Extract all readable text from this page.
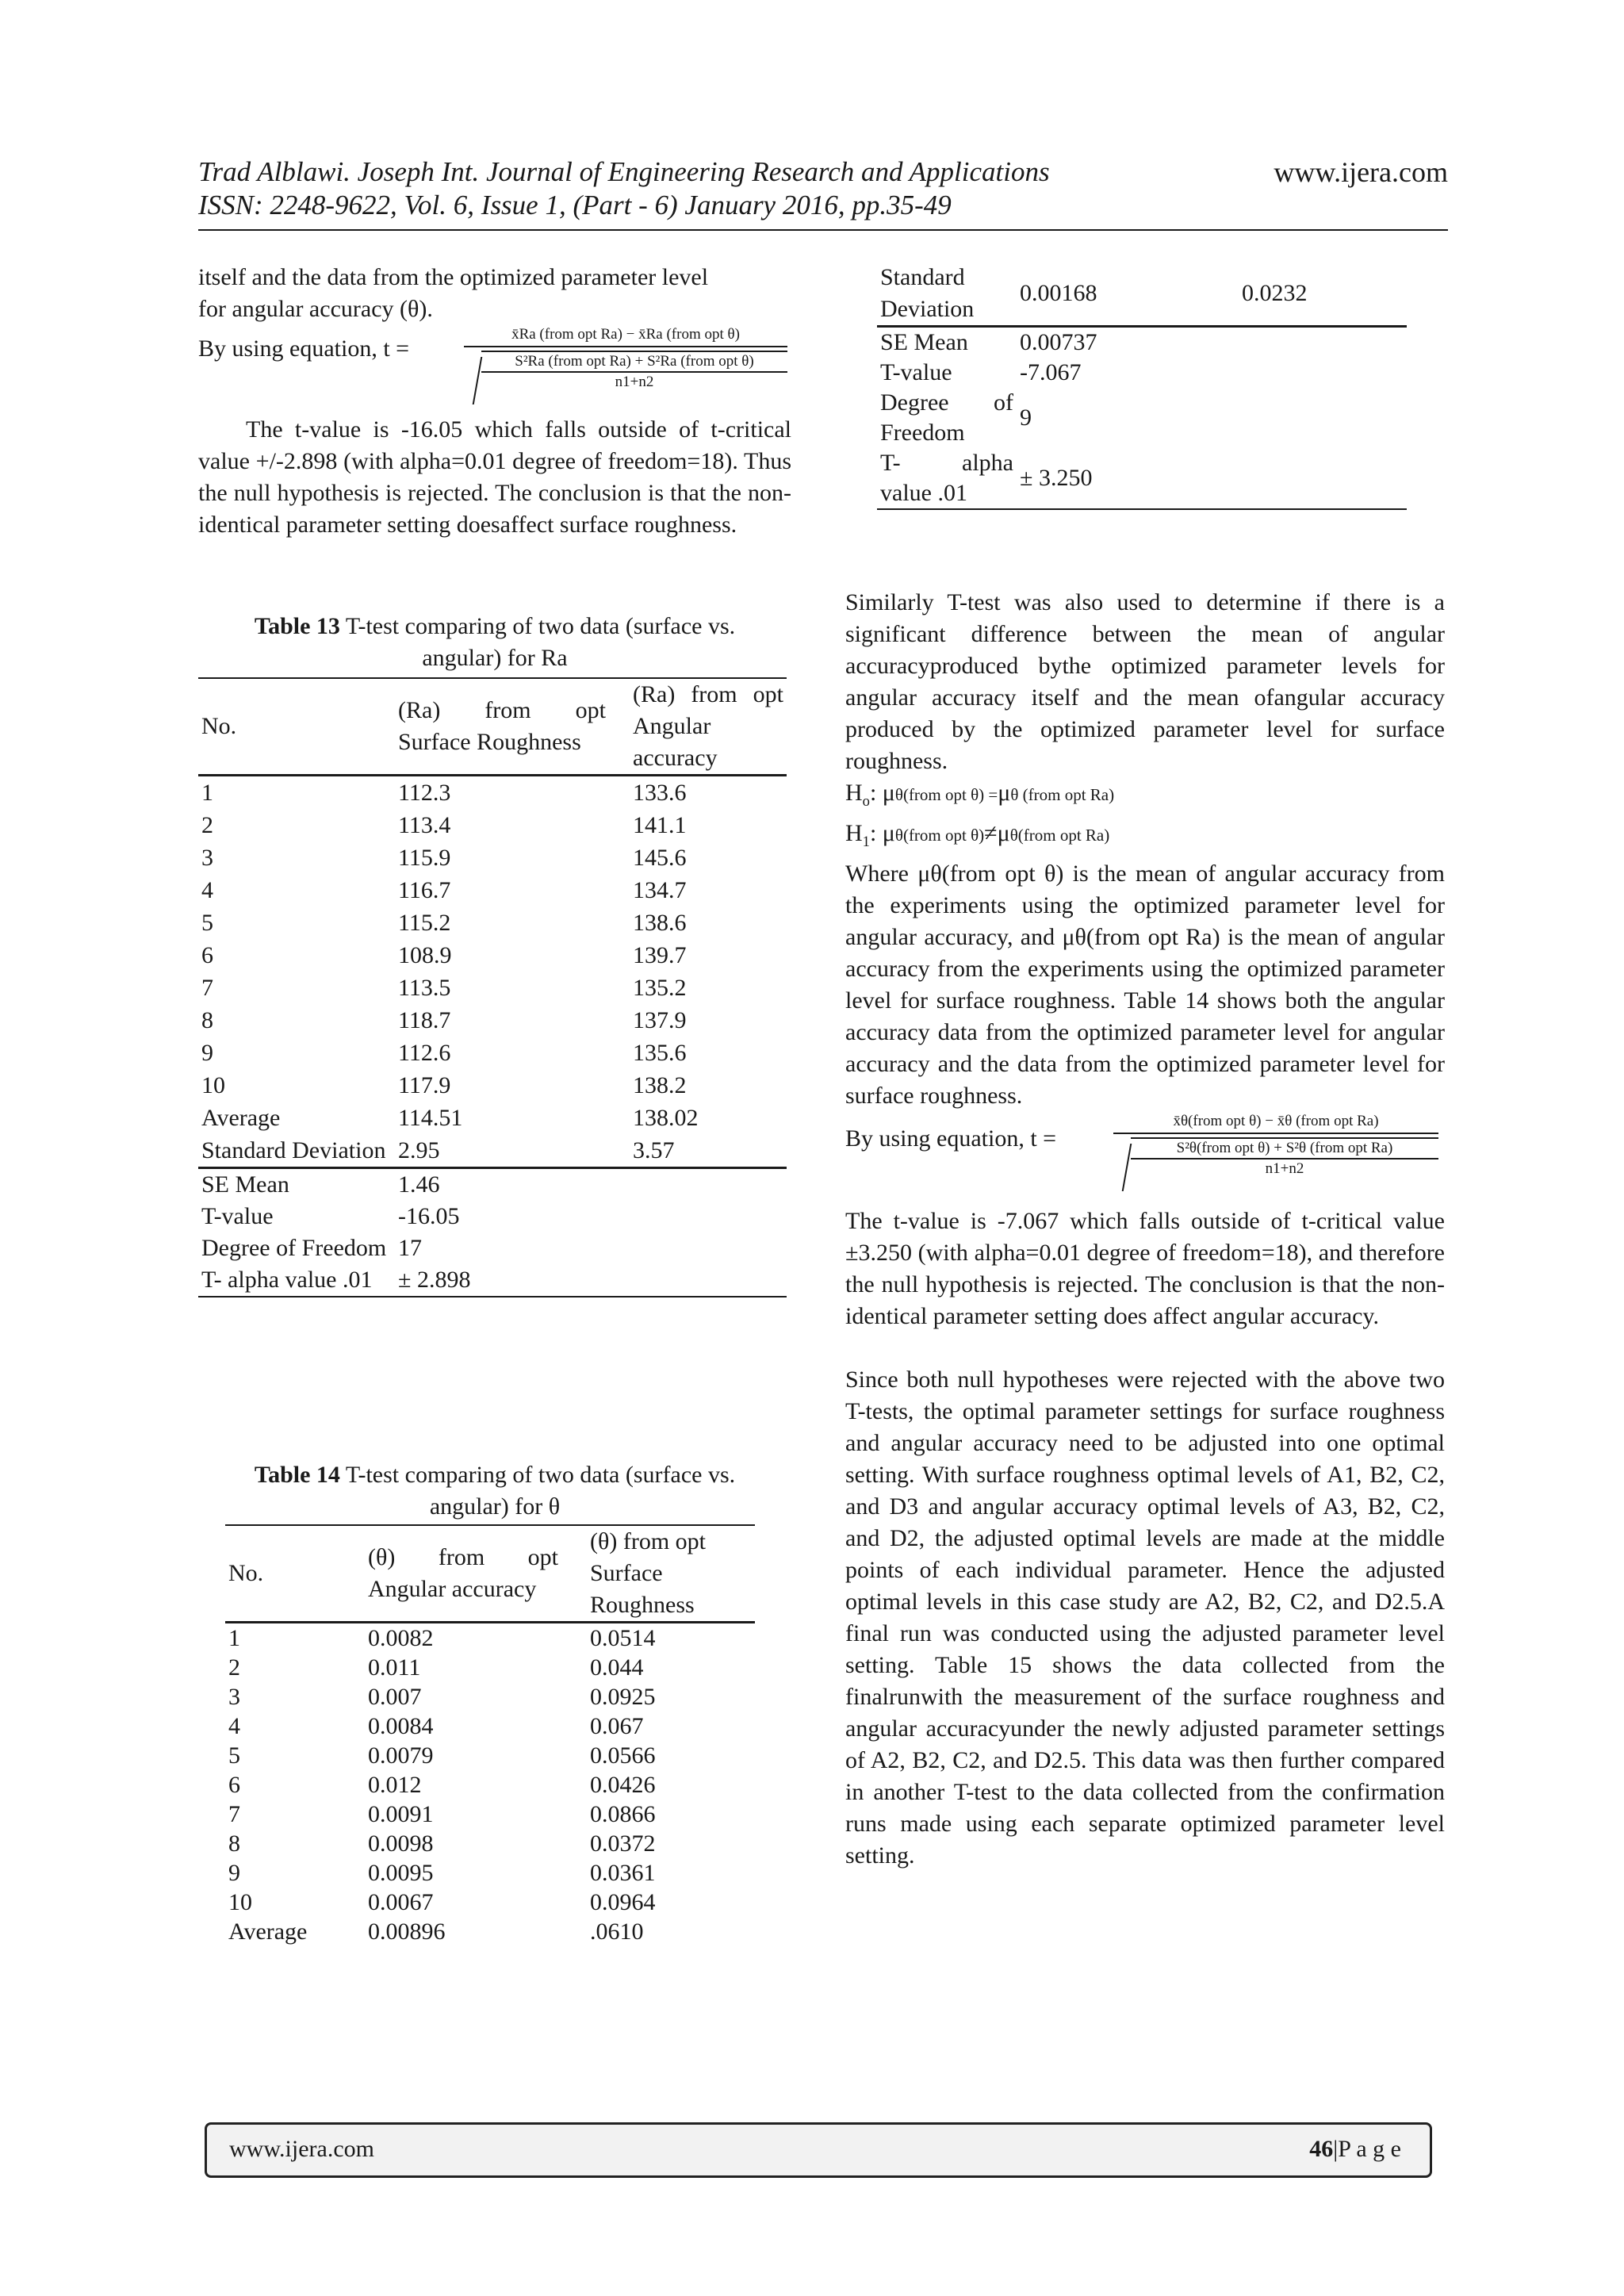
Trad Alblawi. Joseph Int. Journal of Engineering Research and Applications	www.ijera.com
ISSN: 2248-9622, Vol. 6, Issue 1, (Part - 6) January 2016, pp.35-49
itself and the data from the optimized parameter level
for angular accuracy (θ).
By using equation, t =
x̄Ra (from opt Ra) − x̄Ra (from opt θ)
S²Ra (from opt Ra) + S²Ra (from opt θ)
n1+n2
The t-value is -16.05 which falls outside of t-critical value +/-2.898 (with alpha=0.01 degree of freedom=18). Thus the null hypothesis is rejected. The conclusion is that the non-identical parameter setting doesaffect surface roughness.
Table 13 T-test comparing of two data (surface vs. angular) for Ra
No.	(Ra) from opt Surface Roughness	(Ra) from opt Angular accuracy
1	112.3	133.6
2	113.4	141.1
3	115.9	145.6
4	116.7	134.7
5	115.2	138.6
6	108.9	139.7
7	113.5	135.2
8	118.7	137.9
9	112.6	135.6
10	117.9	138.2
Average	114.51	138.02
Standard Deviation	2.95	3.57
SE Mean	1.46	
T-value	-16.05	
Degree of Freedom	17	
T- alpha value .01	± 2.898	
Table 14 T-test comparing of two data (surface vs. angular) for θ
No.	(θ) from opt Angular accuracy	(θ) from opt Surface Roughness
1	0.0082	0.0514
2	0.011	0.044
3	0.007	0.0925
4	0.0084	0.067
5	0.0079	0.0566
6	0.012	0.0426
7	0.0091	0.0866
8	0.0098	0.0372
9	0.0095	0.0361
10	0.0067	0.0964
Average	0.00896	.0610
Standard Deviation	0.00168	0.0232
SE Mean	0.00737	
T-value	-7.067	
Degree of Freedom	9	
T- alpha value .01	± 3.250	
Similarly T-test was also used to determine if there is a significant difference between the mean of angular accuracyproduced bythe optimized parameter levels for angular accuracy itself and the mean ofangular accuracy produced by the optimized parameter level for surface roughness.
$H_o$: μθ(from opt θ) =μθ (from opt Ra)
$H_1$: μθ(from opt θ)≠μθ(from opt Ra)
Where μθ(from opt θ) is the mean of angular accuracy from the experiments using the optimized parameter level for angular accuracy, and μθ(from opt Ra) is the mean of angular accuracy from the experiments using the optimized parameter level for surface roughness. Table 14 shows both the angular accuracy data from the optimized parameter level for angular accuracy and the data from the optimized parameter level for surface roughness.
By using equation, t =
x̄θ(from opt θ) − x̄θ (from opt Ra)
S²θ(from opt θ) + S²θ (from opt Ra)
n1+n2
The t-value is -7.067 which falls outside of t-critical value ±3.250 (with alpha=0.01 degree of freedom=18), and therefore the null hypothesis is rejected. The conclusion is that the non-identical parameter setting does affect angular accuracy.
Since both null hypotheses were rejected with the above two T-tests, the optimal parameter settings for surface roughness and angular accuracy need to be adjusted into one optimal setting. With surface roughness optimal levels of A1, B2, C2, and D3 and angular accuracy optimal levels of A3, B2, C2, and D2, the adjusted optimal levels are made at the middle points of each individual parameter. Hence the adjusted optimal levels in this case study are A2, B2, C2, and D2.5.A final run was conducted using the adjusted parameter level setting. Table 15 shows the data collected from the finalrunwith the measurement of the surface roughness and angular accuracyunder the newly adjusted parameter settings of A2, B2, C2, and D2.5. This data was then further compared in another T-test to the data collected from the confirmation runs made using each separate optimized parameter level setting.
www.ijera.com	46|P a g e
